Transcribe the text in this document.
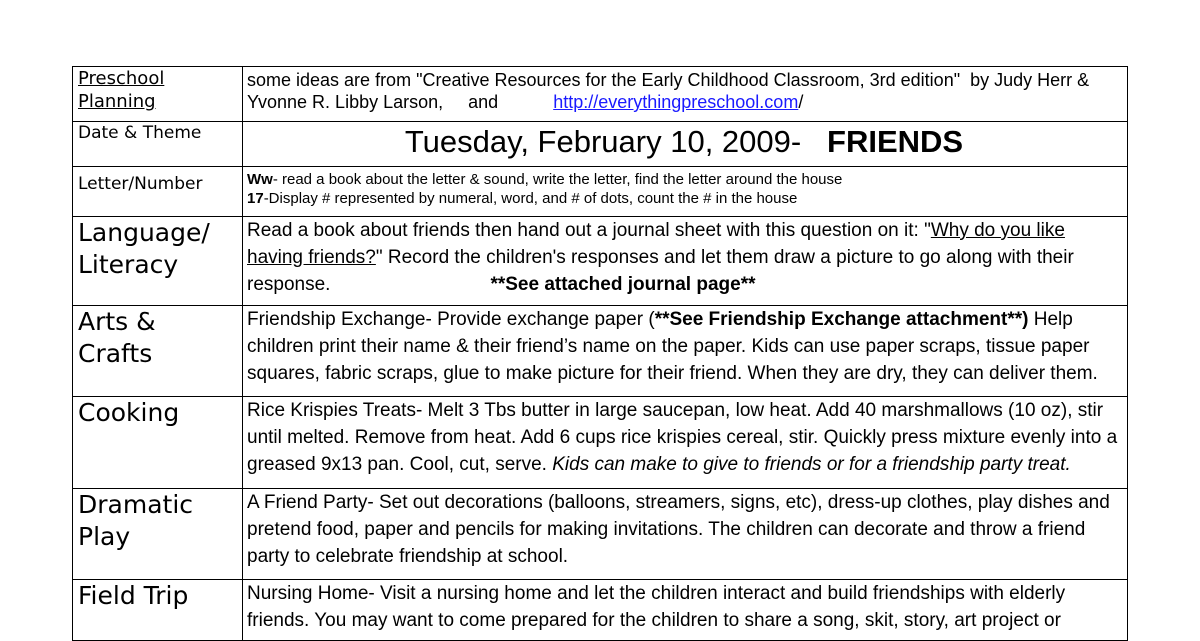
Preschool
Planning	some ideas are from "Creative Resources for the Early Childhood Classroom, 3rd edition"  by Judy Herr & Yvonne R. Libby Larson,     and           http://everythingpreschool.com/
Date & Theme	Tuesday, February 10, 2009- FRIENDS
Letter/Number	Ww- read a book about the letter & sound, write the letter, find the letter around the house
17-Display # represented by numeral, word, and # of dots, count the # in the house
Language/
Literacy	Read a book about friends then hand out a journal sheet with this question on it: "Why do you like having friends?" Record the children's responses and let them draw a picture to go along with their response. **See attached journal page**
Arts &
Crafts	Friendship Exchange- Provide exchange paper (**See Friendship Exchange attachment**) Help children print their name & their friend’s name on the paper. Kids can use paper scraps, tissue paper squares, fabric scraps, glue to make picture for their friend. When they are dry, they can deliver them.
Cooking	Rice Krispies Treats- Melt 3 Tbs butter in large saucepan, low heat. Add 40 marshmallows (10 oz), stir until melted. Remove from heat. Add 6 cups rice krispies cereal, stir. Quickly press mixture evenly into a greased 9x13 pan. Cool, cut, serve. Kids can make to give to friends or for a friendship party treat.
Dramatic
Play	A Friend Party- Set out decorations (balloons, streamers, signs, etc), dress-up clothes, play dishes and pretend food, paper and pencils for making invitations. The children can decorate and throw a friend party to celebrate friendship at school.
Field Trip	Nursing Home- Visit a nursing home and let the children interact and build friendships with elderly friends. You may want to come prepared for the children to share a song, skit, story, art project or
